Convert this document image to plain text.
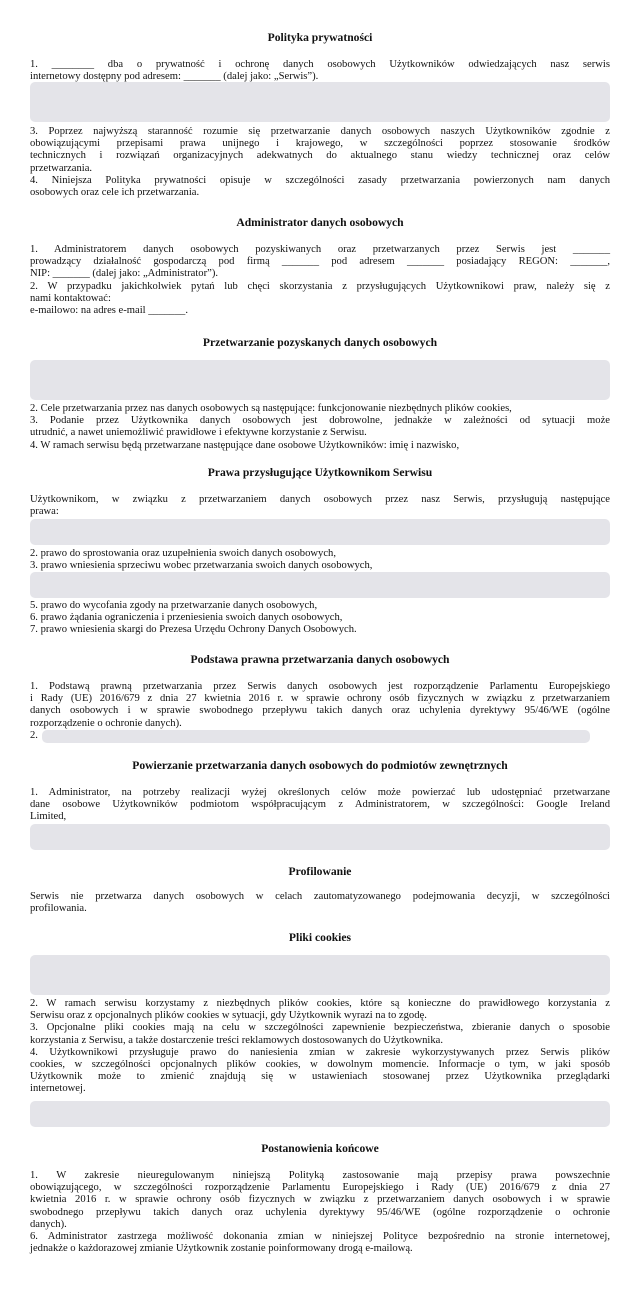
Polityka prywatności
1. ________ dba o prywatność i ochronę danych osobowych Użytkowników odwiedzających nasz serwis
internetowy dostępny pod adresem: _______ (dalej jako: „Serwis”).
3. Poprzez najwyższą staranność rozumie się przetwarzanie danych osobowych naszych Użytkowników zgodnie z
obowiązującymi przepisami prawa unijnego i krajowego, w szczególności poprzez stosowanie środków
technicznych i rozwiązań organizacyjnych adekwatnych do aktualnego stanu wiedzy technicznej oraz celów
przetwarzania.
4. Niniejsza Polityka prywatności opisuje w szczególności zasady przetwarzania powierzonych nam danych
osobowych oraz cele ich przetwarzania.
Administrator danych osobowych
1. Administratorem danych osobowych pozyskiwanych oraz przetwarzanych przez Serwis jest _______
prowadzący działalność gospodarczą pod firmą _______ pod adresem _______ posiadający REGON: _______,
NIP: _______ (dalej jako: „Administrator”).
2. W przypadku jakichkolwiek pytań lub chęci skorzystania z przysługujących Użytkownikowi praw, należy się z
nami kontaktować:
e-mailowo: na adres e-mail _______.
Przetwarzanie pozyskanych danych osobowych
2. Cele przetwarzania przez nas danych osobowych są następujące: funkcjonowanie niezbędnych plików cookies,
3. Podanie przez Użytkownika danych osobowych jest dobrowolne, jednakże w zależności od sytuacji może
utrudnić, a nawet uniemożliwić prawidłowe i efektywne korzystanie z Serwisu.
4. W ramach serwisu będą przetwarzane następujące dane osobowe Użytkowników: imię i nazwisko,
Prawa przysługujące Użytkownikom Serwisu
Użytkownikom, w związku z przetwarzaniem danych osobowych przez nasz Serwis, przysługują następujące
prawa:
2. prawo do sprostowania oraz uzupełnienia swoich danych osobowych,
3. prawo wniesienia sprzeciwu wobec przetwarzania swoich danych osobowych,
5. prawo do wycofania zgody na przetwarzanie danych osobowych,
6. prawo żądania ograniczenia i przeniesienia swoich danych osobowych,
7. prawo wniesienia skargi do Prezesa Urzędu Ochrony Danych Osobowych.
Podstawa prawna przetwarzania danych osobowych
1. Podstawą prawną przetwarzania przez Serwis danych osobowych jest rozporządzenie Parlamentu Europejskiego
i Rady (UE) 2016/679 z dnia 27 kwietnia 2016 r. w sprawie ochrony osób fizycznych w związku z przetwarzaniem
danych osobowych i w sprawie swobodnego przepływu takich danych oraz uchylenia dyrektywy 95/46/WE (ogólne
rozporządzenie o ochronie danych).
2.
Powierzanie przetwarzania danych osobowych do podmiotów zewnętrznych
1. Administrator, na potrzeby realizacji wyżej określonych celów może powierzać lub udostępniać przetwarzane
dane osobowe Użytkowników podmiotom współpracującym z Administratorem, w szczególności: Google Ireland
Limited,
Profilowanie
Serwis nie przetwarza danych osobowych w celach zautomatyzowanego podejmowania decyzji, w szczególności
profilowania.
Pliki cookies
2. W ramach serwisu korzystamy z niezbędnych plików cookies, które są konieczne do prawidłowego korzystania z
Serwisu oraz z opcjonalnych plików cookies w sytuacji, gdy Użytkownik wyrazi na to zgodę.
3. Opcjonalne pliki cookies mają na celu w szczególności zapewnienie bezpieczeństwa, zbieranie danych o sposobie
korzystania z Serwisu, a także dostarczenie treści reklamowych dostosowanych do Użytkownika.
4. Użytkownikowi przysługuje prawo do naniesienia zmian w zakresie wykorzystywanych przez Serwis plików
cookies, w szczególności opcjonalnych plików cookies, w dowolnym momencie. Informacje o tym, w jaki sposób
Użytkownik może to zmienić znajdują się w ustawieniach stosowanej przez Użytkownika przeglądarki
internetowej.
Postanowienia końcowe
1. W zakresie nieuregulowanym niniejszą Polityką zastosowanie mają przepisy prawa powszechnie
obowiązującego, w szczególności rozporządzenie Parlamentu Europejskiego i Rady (UE) 2016/679 z dnia 27
kwietnia 2016 r. w sprawie ochrony osób fizycznych w związku z przetwarzaniem danych osobowych i w sprawie
swobodnego przepływu takich danych oraz uchylenia dyrektywy 95/46/WE (ogólne rozporządzenie o ochronie
danych).
6. Administrator zastrzega możliwość dokonania zmian w niniejszej Polityce bezpośrednio na stronie internetowej,
jednakże o każdorazowej zmianie Użytkownik zostanie poinformowany drogą e-mailową.
